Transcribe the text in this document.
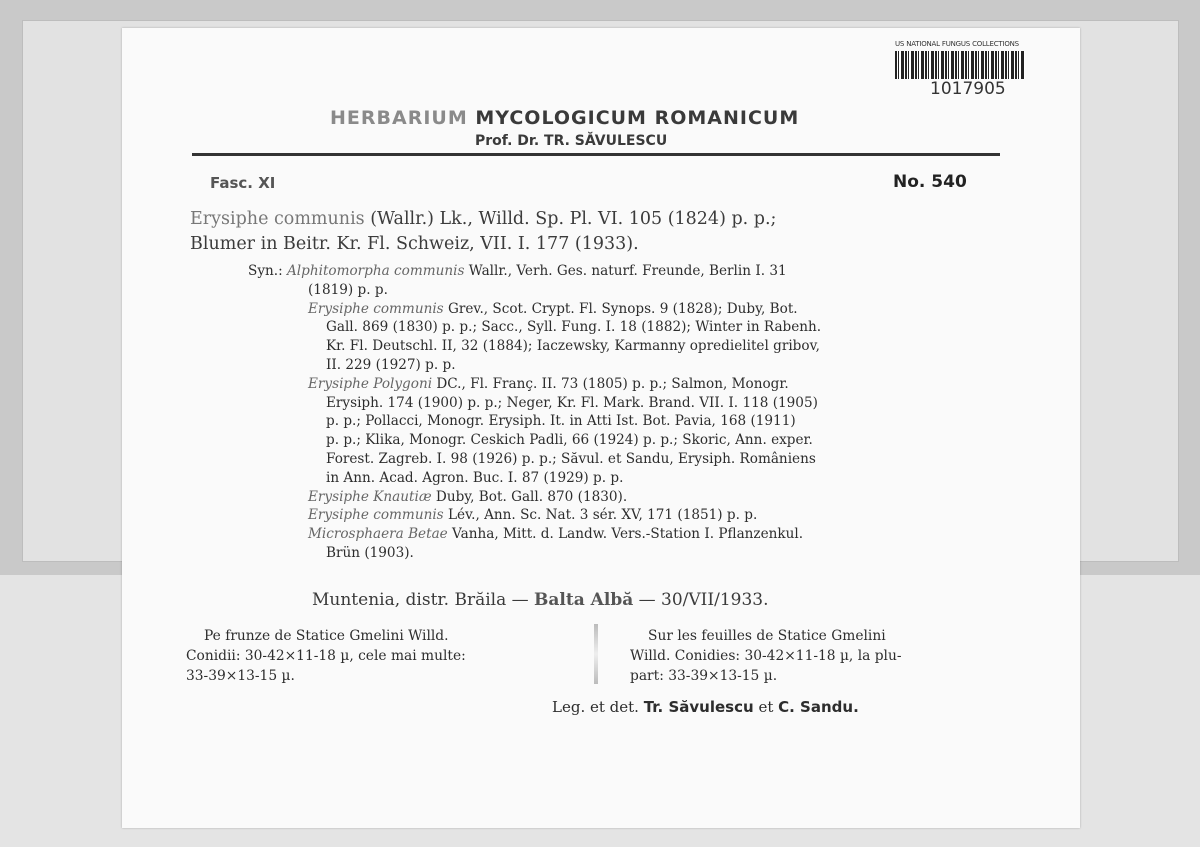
US NATIONAL FUNGUS COLLECTIONS
1017905
HERBARIUM MYCOLOGICUM ROMANICUM
Prof. Dr. TR. SĂVULESCU
Fasc. XI	No. 540
Erysiphe communis (Wallr.) Lk., Willd. Sp. Pl. VI. 105 (1824) p. p.;
Blumer in Beitr. Kr. Fl. Schweiz, VII. I. 177 (1933).
Syn.: Alphitomorpha communis Wallr., Verh. Ges. naturf. Freunde, Berlin I. 31
(1819) p. p.
Erysiphe communis Grev., Scot. Crypt. Fl. Synops. 9 (1828); Duby, Bot.
Gall. 869 (1830) p. p.; Sacc., Syll. Fung. I. 18 (1882); Winter in Rabenh.
Kr. Fl. Deutschl. II, 32 (1884); Iaczewsky, Karmanny opredielitel gribov,
II. 229 (1927) p. p.
Erysiphe Polygoni DC., Fl. Franç. II. 73 (1805) p. p.; Salmon, Monogr.
Erysiph. 174 (1900) p. p.; Neger, Kr. Fl. Mark. Brand. VII. I. 118 (1905)
p. p.; Pollacci, Monogr. Erysiph. It. in Atti Ist. Bot. Pavia, 168 (1911)
p. p.; Klika, Monogr. Ceskich Padli, 66 (1924) p. p.; Skoric, Ann. exper.
Forest. Zagreb. I. 98 (1926) p. p.; Săvul. et Sandu, Erysiph. Româniens
in Ann. Acad. Agron. Buc. I. 87 (1929) p. p.
Erysiphe Knautiæ Duby, Bot. Gall. 870 (1830).
Erysiphe communis Lév., Ann. Sc. Nat. 3 sér. XV, 171 (1851) p. p.
Microsphaera Betae Vanha, Mitt. d. Landw. Vers.-Station I. Pflanzenkul.
Brün (1903).
Muntenia, distr. Brăila — Balta Albă — 30/VII/1933.
Pe frunze de Statice Gmelini Willd.
Conidii: 30-42×11-18 µ, cele mai multe:
33-39×13-15 µ.
Sur les feuilles de Statice Gmelini
Willd. Conidies: 30-42×11-18 µ, la plu-
part: 33-39×13-15 µ.
Leg. et det. Tr. Săvulescu et C. Sandu.
